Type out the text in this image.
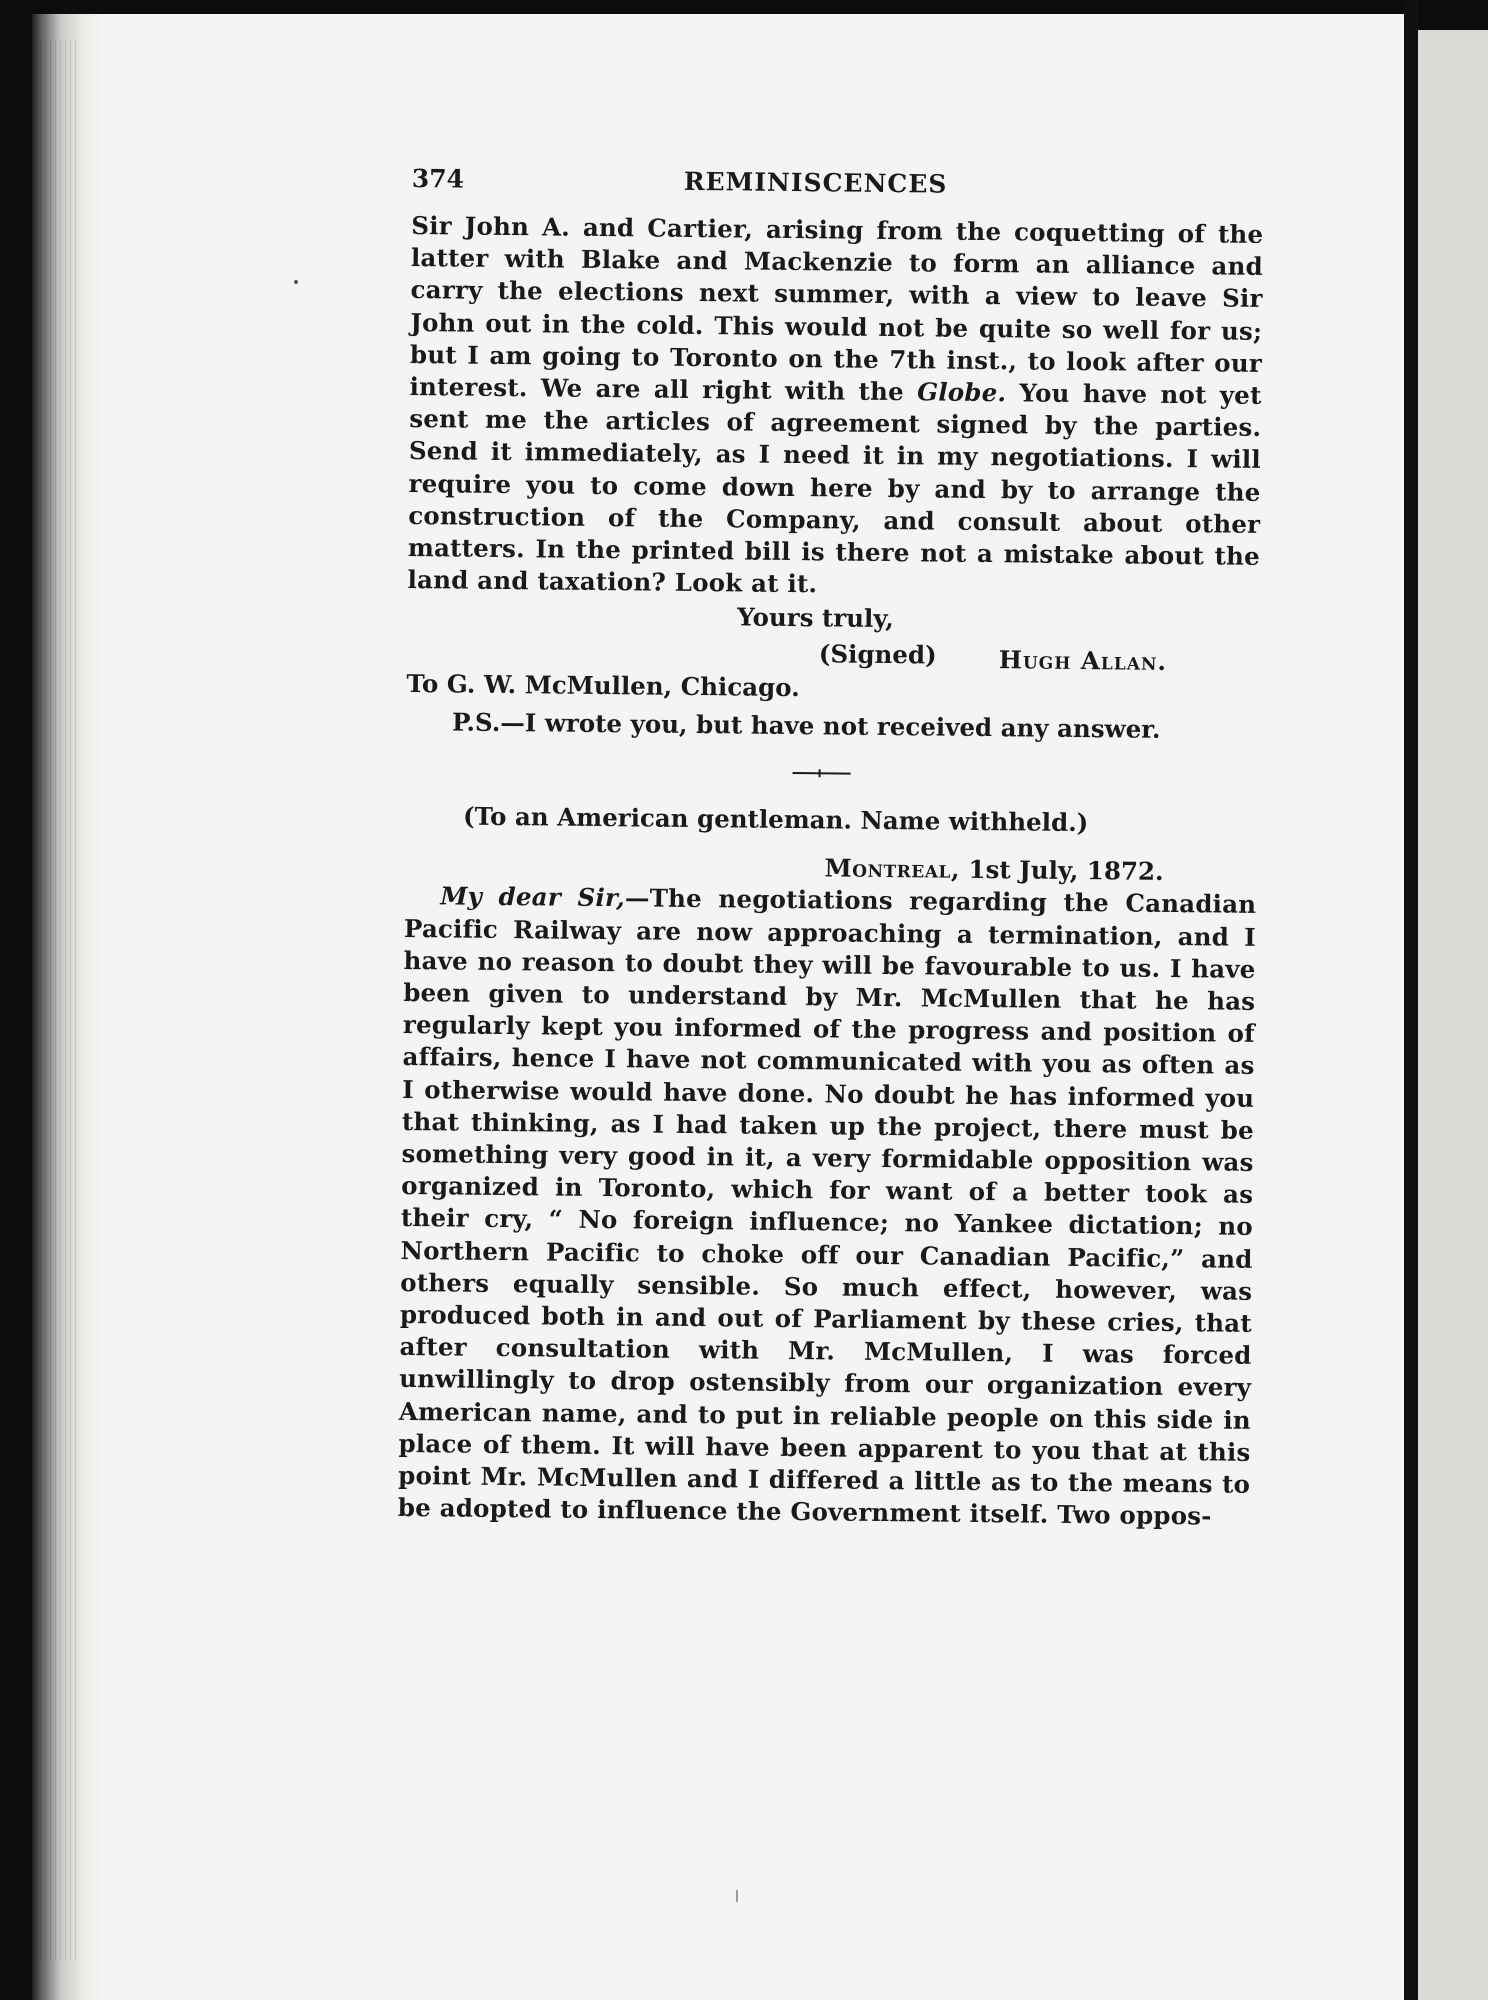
374	REMINISCENCES

Sir John A. and Cartier, arising from the coquetting of the latter with Blake and Mackenzie to form an alliance and carry the elections next summer, with a view to leave Sir John out in the cold. This would not be quite so well for us; but I am going to Toronto on the 7th inst., to look after our interest. We are all right with the Globe. You have not yet sent me the articles of agreement signed by the parties. Send it immediately, as I need it in my negotiations. I will require you to come down here by and by to arrange the construction of the Company, and consult about other matters. In the printed bill is there not a mistake about the land and taxation? Look at it.

Yours truly,

(Signed)	Hugh Allan.

To G. W. McMullen, Chicago.

P.S.—I wrote you, but have not received any answer.

(To an American gentleman. Name withheld.)

Montreal, 1st July, 1872.

My dear Sir,—The negotiations regarding the Canadian Pacific Railway are now approaching a termination, and I have no reason to doubt they will be favourable to us. I have been given to understand by Mr. McMullen that he has regularly kept you informed of the progress and position of affairs, hence I have not communicated with you as often as I otherwise would have done. No doubt he has informed you that thinking, as I had taken up the project, there must be something very good in it, a very formidable opposition was organized in Toronto, which for want of a better took as their cry, “ No foreign influence; no Yankee dictation; no Northern Pacific to choke off our Canadian Pacific,” and others equally sensible. So much effect, however, was produced both in and out of Parliament by these cries, that after consultation with Mr. McMullen, I was forced unwillingly to drop ostensibly from our organization every American name, and to put in reliable people on this side in place of them. It will have been apparent to you that at this point Mr. McMullen and I differed a little as to the means to be adopted to influence the Government itself. Two oppos-
